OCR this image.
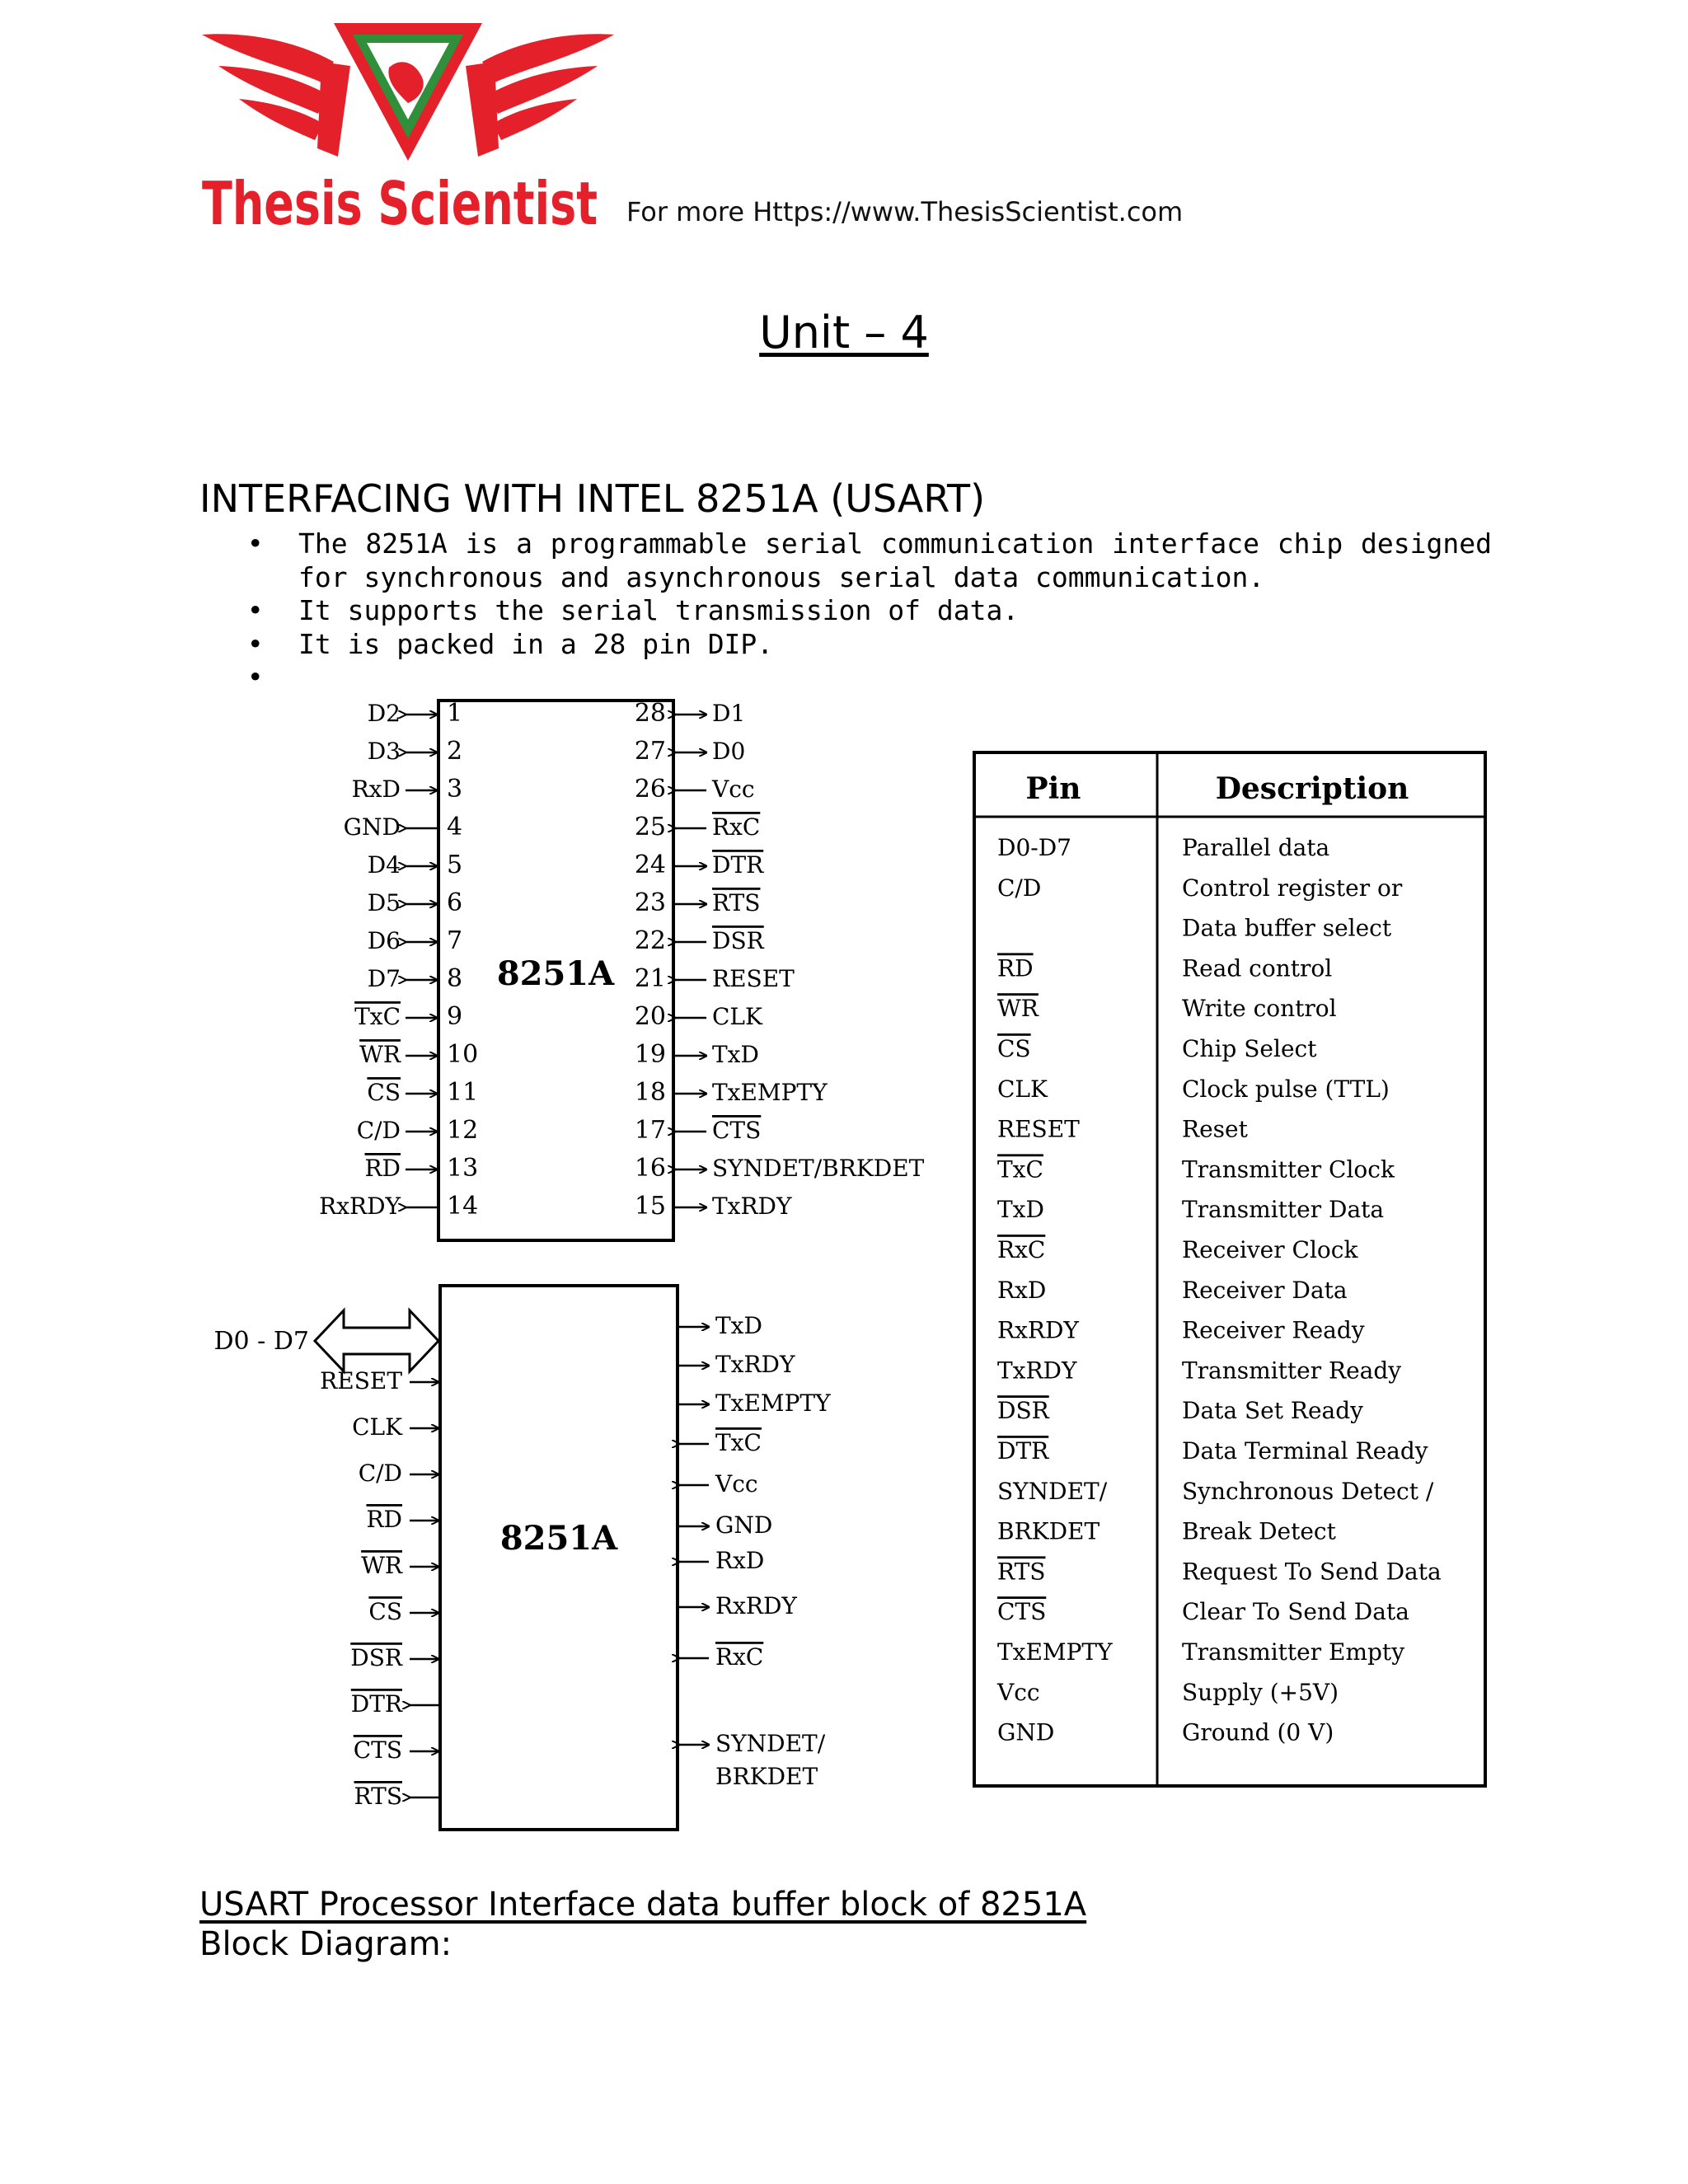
Thesis Scientist For more Https://www.ThesisScientist.com
Unit – 4
INTERFACING WITH INTEL 8251A (USART)
• The 8251A is a programmable serial communication interface chip designed for synchronous and asynchronous serial data communication.
• It supports the serial transmission of data.
• It is packed in a 28 pin DIP.
•
8251A
D2 1
D3 2
RxD 3
GND 4
D4 5
D5 6
D6 7
D7 8
TxC 9
WR 10
CS 11
C/D 12
RD 13
RxRDY 14
28 D1
27 D0
26 Vcc
25 RxC
24 DTR
23 RTS
22 DSR
21 RESET
20 CLK
19 TxD
18 TxEMPTY
17 CTS
16 SYNDET/BRKDET
15 TxRDY
8251A
D0 - D7
RESET
CLK
C/D
RD
WR
CS
DSR
DTR
CTS
RTS
TxD
TxRDY
TxEMPTY
TxC
Vcc
GND
RxD
RxRDY
RxC
SYNDET/
BRKDET
Pin	Description
D0-D7	Parallel data
C/D	Control register or
Data buffer select
RD	Read control
WR	Write control
CS	Chip Select
CLK	Clock pulse (TTL)
RESET	Reset
TxC	Transmitter Clock
TxD	Transmitter Data
RxC	Receiver Clock
RxD	Receiver Data
RxRDY	Receiver Ready
TxRDY	Transmitter Ready
DSR	Data Set Ready
DTR	Data Terminal Ready
SYNDET/	Synchronous Detect /
BRKDET	Break Detect
RTS	Request To Send Data
CTS	Clear To Send Data
TxEMPTY	Transmitter Empty
Vcc	Supply (+5V)
GND	Ground (0 V)
USART Processor Interface data buffer block of 8251A
Block Diagram:
